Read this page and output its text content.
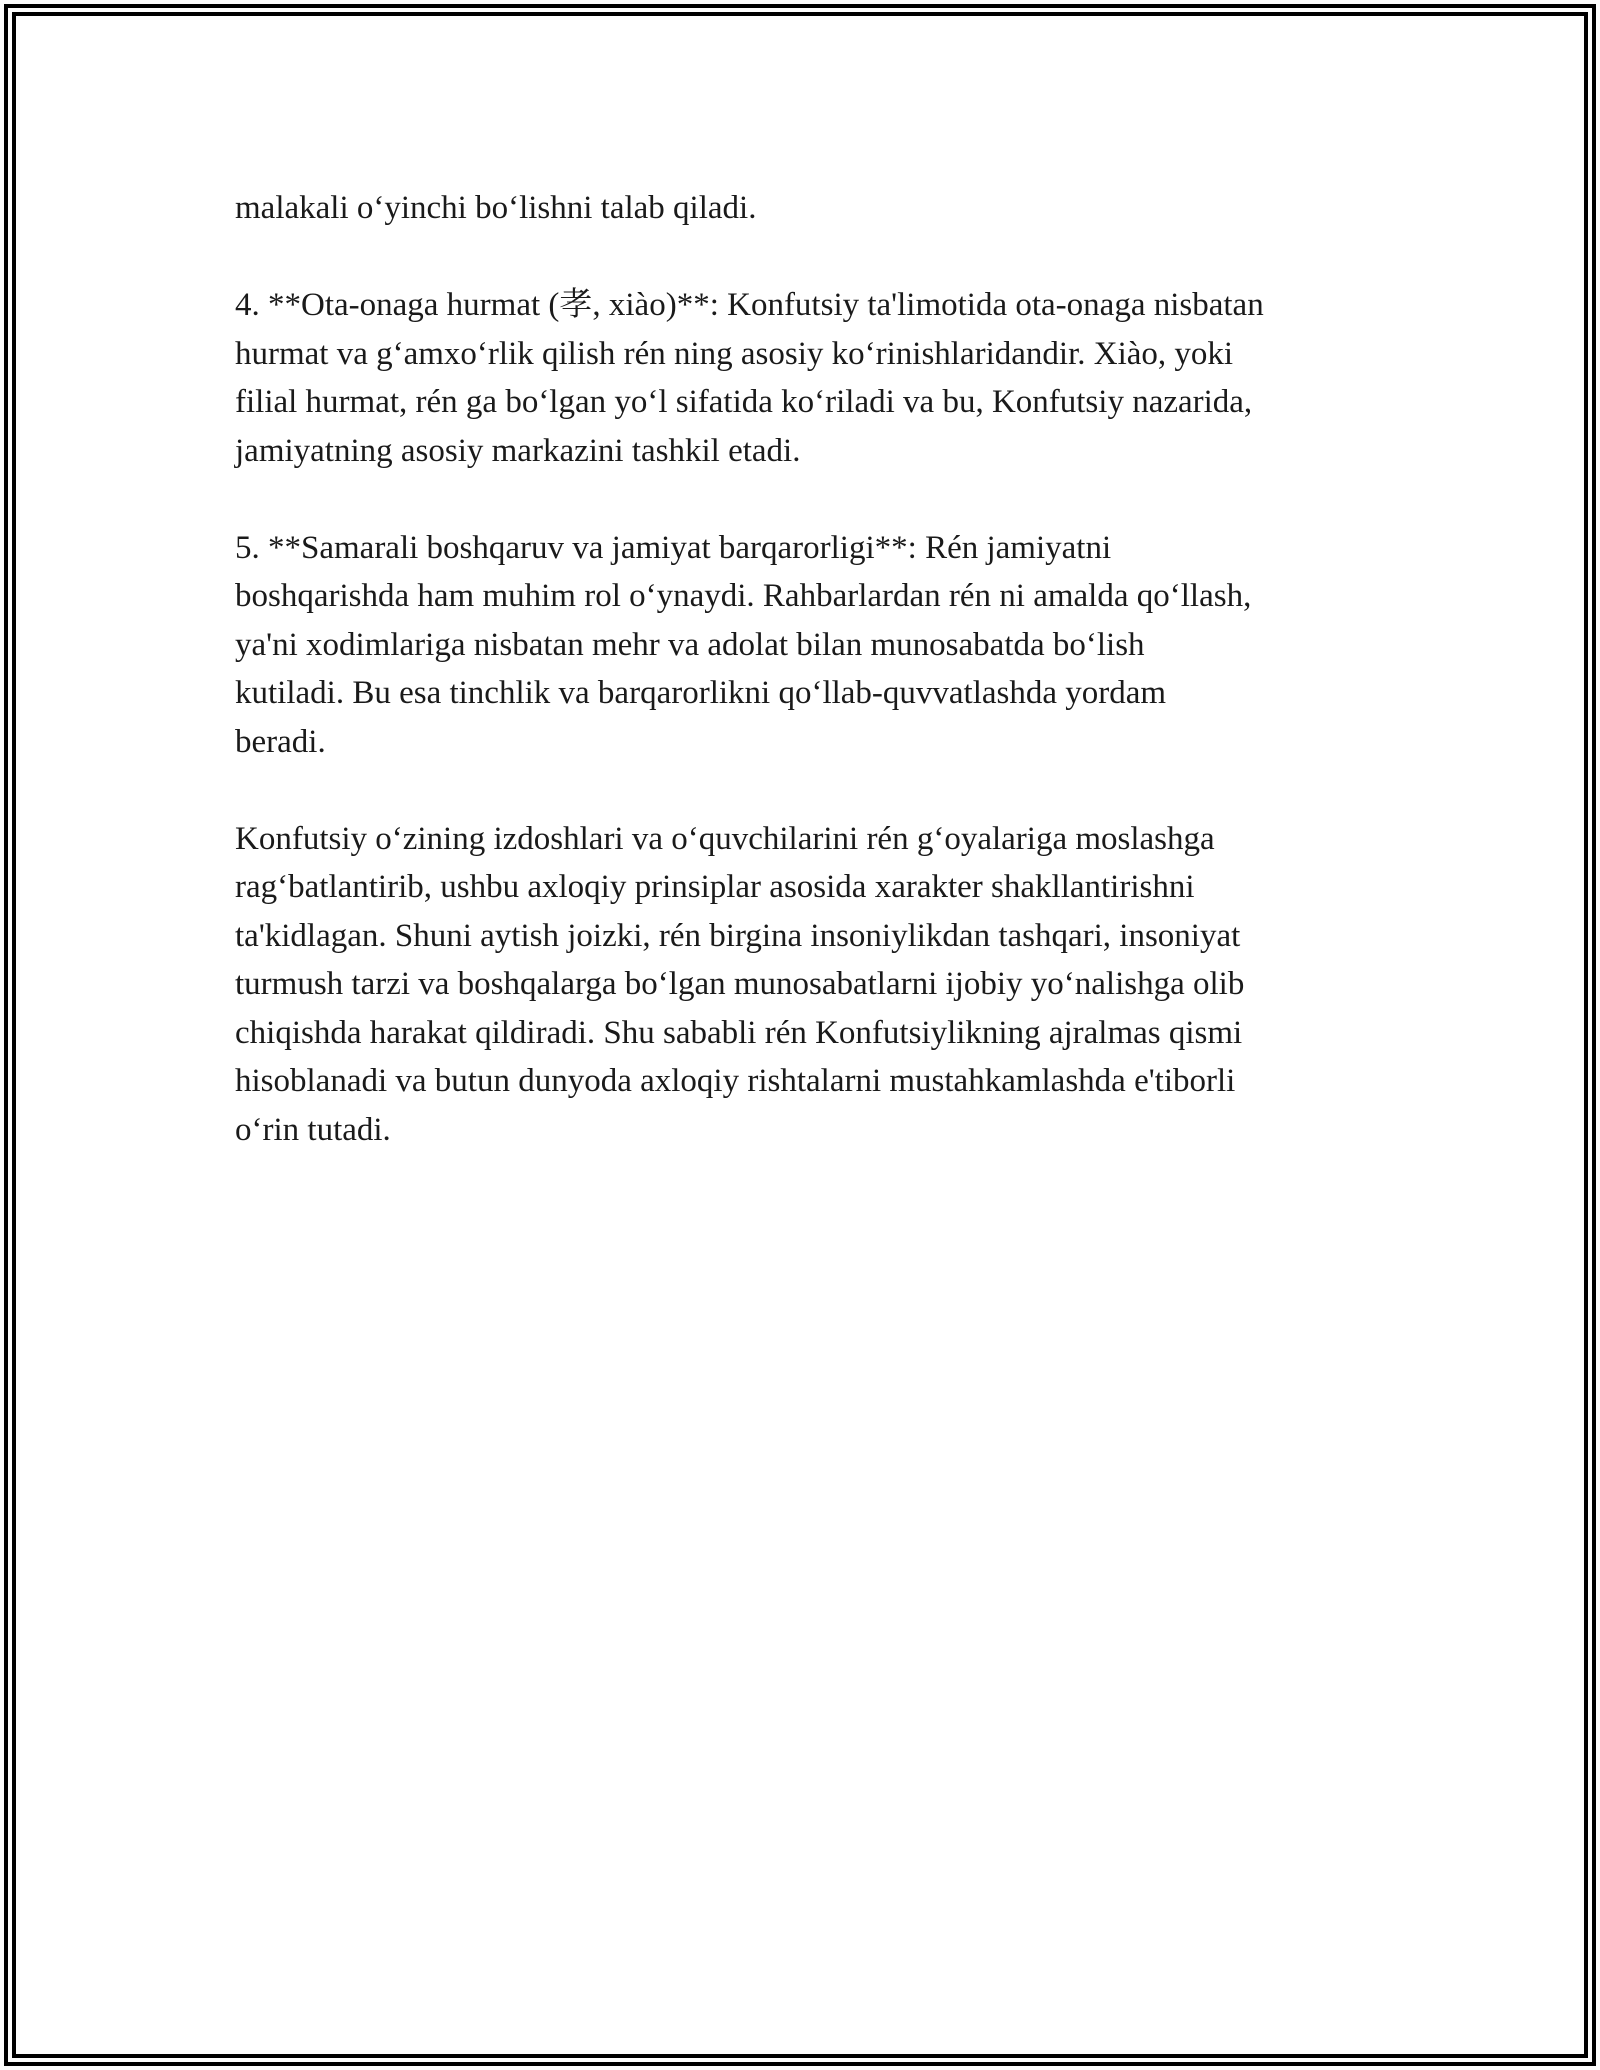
malakali o‘yinchi bo‘lishni talab qiladi.

4. **Ota-onaga hurmat (孝, xiào)**: Konfutsiy ta'limotida ota-onaga nisbatan
hurmat va g‘amxo‘rlik qilish rén ning asosiy ko‘rinishlaridandir. Xiào, yoki
filial hurmat, rén ga bo‘lgan yo‘l sifatida ko‘riladi va bu, Konfutsiy nazarida,
jamiyatning asosiy markazini tashkil etadi.

5. **Samarali boshqaruv va jamiyat barqarorligi**: Rén jamiyatni
boshqarishda ham muhim rol o‘ynaydi. Rahbarlardan rén ni amalda qo‘llash,
ya'ni xodimlariga nisbatan mehr va adolat bilan munosabatda bo‘lish
kutiladi. Bu esa tinchlik va barqarorlikni qo‘llab-quvvatlashda yordam
beradi.

Konfutsiy o‘zining izdoshlari va o‘quvchilarini rén g‘oyalariga moslashga
rag‘batlantirib, ushbu axloqiy prinsiplar asosida xarakter shakllantirishni
ta'kidlagan. Shuni aytish joizki, rén birgina insoniylikdan tashqari, insoniyat
turmush tarzi va boshqalarga bo‘lgan munosabatlarni ijobiy yo‘nalishga olib
chiqishda harakat qildiradi. Shu sababli rén Konfutsiylikning ajralmas qismi
hisoblanadi va butun dunyoda axloqiy rishtalarni mustahkamlashda e'tiborli
o‘rin tutadi.
